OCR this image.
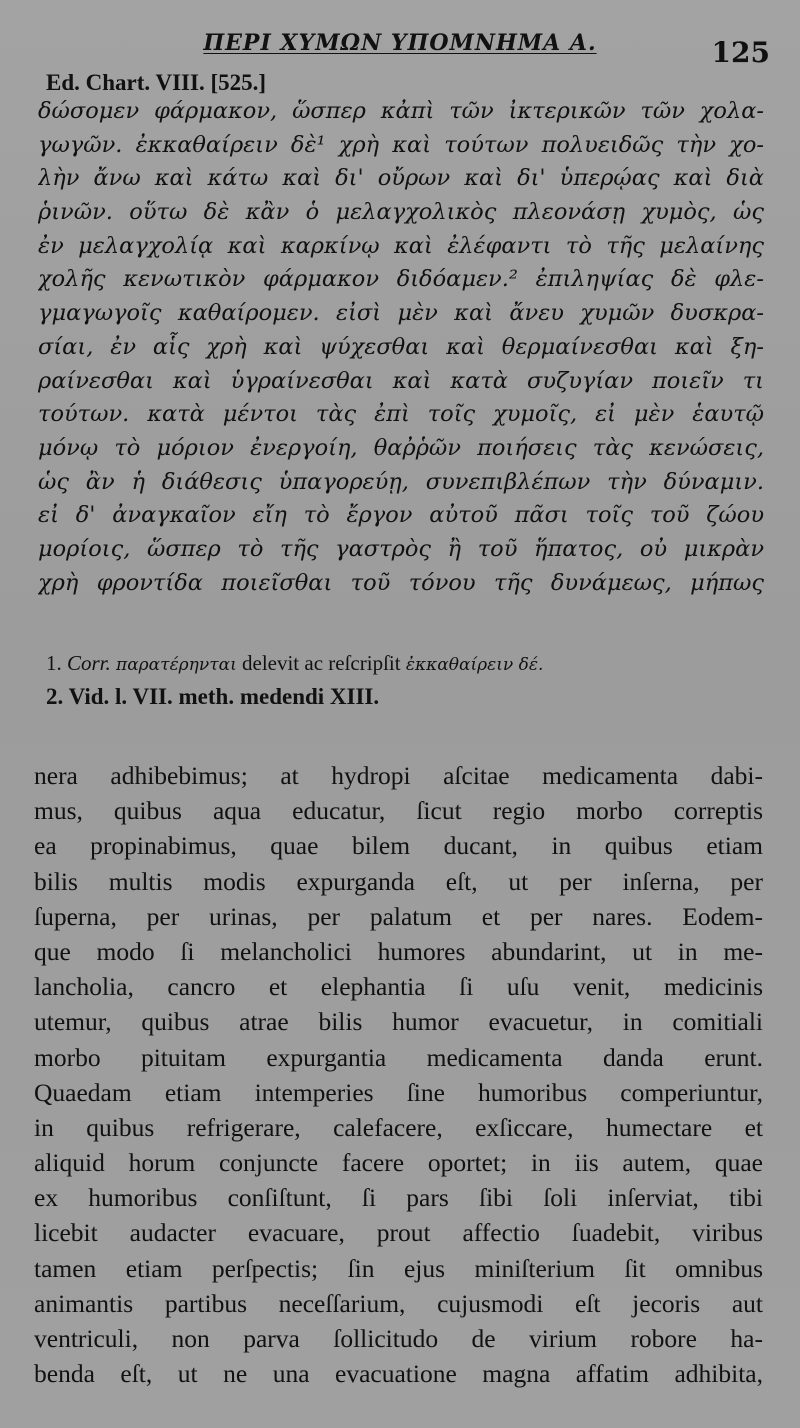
ΠΕΡΙ ΧΥΜΩΝ ΥΠΟΜΝΗΜΑ Α.	125
Ed. Chart. VIII. [525.]
δώσομεν φάρμακον, ὥσπερ κἀπὶ τῶν ἰκτερικῶν τῶν χολα-
γωγῶν. ἐκκαθαίρειν δὲ¹ χρὴ καὶ τούτων πολυειδῶς τὴν χο-
λὴν ἄνω καὶ κάτω καὶ δι' οὔρων καὶ δι' ὑπερῴας καὶ διὰ
ῥινῶν. οὕτω δὲ κἂν ὁ μελαγχολικὸς πλεονάσῃ χυμὸς, ὡς
ἐν μελαγχολίᾳ καὶ καρκίνῳ καὶ ἐλέφαντι τὸ τῆς μελαίνης
χολῆς κενωτικὸν φάρμακον διδόαμεν.² ἐπιληψίας δὲ φλε-
γμαγωγοῖς καθαίρομεν. εἰσὶ μὲν καὶ ἄνευ χυμῶν δυσκρα-
σίαι, ἐν αἷς χρὴ καὶ ψύχεσθαι καὶ θερμαίνεσθαι καὶ ξη-
ραίνεσθαι καὶ ὑγραίνεσθαι καὶ κατὰ συζυγίαν ποιεῖν τι
τούτων. κατὰ μέντοι τὰς ἐπὶ τοῖς χυμοῖς, εἰ μὲν ἑαυτῷ
μόνῳ τὸ μόριον ἐνεργοίη, θαῤῥῶν ποιήσεις τὰς κενώσεις,
ὡς ἂν ἡ διάθεσις ὑπαγορεύῃ, συνεπιβλέπων τὴν δύναμιν.
εἰ δ' ἀναγκαῖον εἴη τὸ ἔργον αὐτοῦ πᾶσι τοῖς τοῦ ζώου
μορίοις, ὥσπερ τὸ τῆς γαστρὸς ἢ τοῦ ἥπατος, οὐ μικρὰν
χρὴ φροντίδα ποιεῖσθαι τοῦ τόνου τῆς δυνάμεως, μήπως
1. Corr. παρατέρηνται delevit ac reſcripſit ἐκκαθαίρειν δέ.
2. Vid. l. VII. meth. medendi XIII.
nera adhibebimus; at hydropi aſcitae medicamenta dabi-
mus, quibus aqua educatur, ſicut regio morbo correptis
ea propinabimus, quae bilem ducant, in quibus etiam
bilis multis modis expurganda eſt, ut per inſerna, per
ſuperna, per urinas, per palatum et per nares. Eodem-
que modo ſi melancholici humores abundarint, ut in me-
lancholia, cancro et elephantia ſi uſu venit, medicinis
utemur, quibus atrae bilis humor evacuetur, in comitiali
morbo pituitam expurgantia medicamenta danda erunt.
Quaedam etiam intemperies ſine humoribus comperiuntur,
in quibus refrigerare, calefacere, exſiccare, humectare et
aliquid horum conjuncte facere oportet; in iis autem, quae
ex humoribus conſiſtunt, ſi pars ſibi ſoli inſerviat, tibi
licebit audacter evacuare, prout affectio ſuadebit, viribus
tamen etiam perſpectis; ſin ejus miniſterium ſit omnibus
animantis partibus neceſſarium, cujusmodi eſt jecoris aut
ventriculi, non parva ſollicitudo de virium robore ha-
benda eſt, ut ne una evacuatione magna affatim adhibita,
